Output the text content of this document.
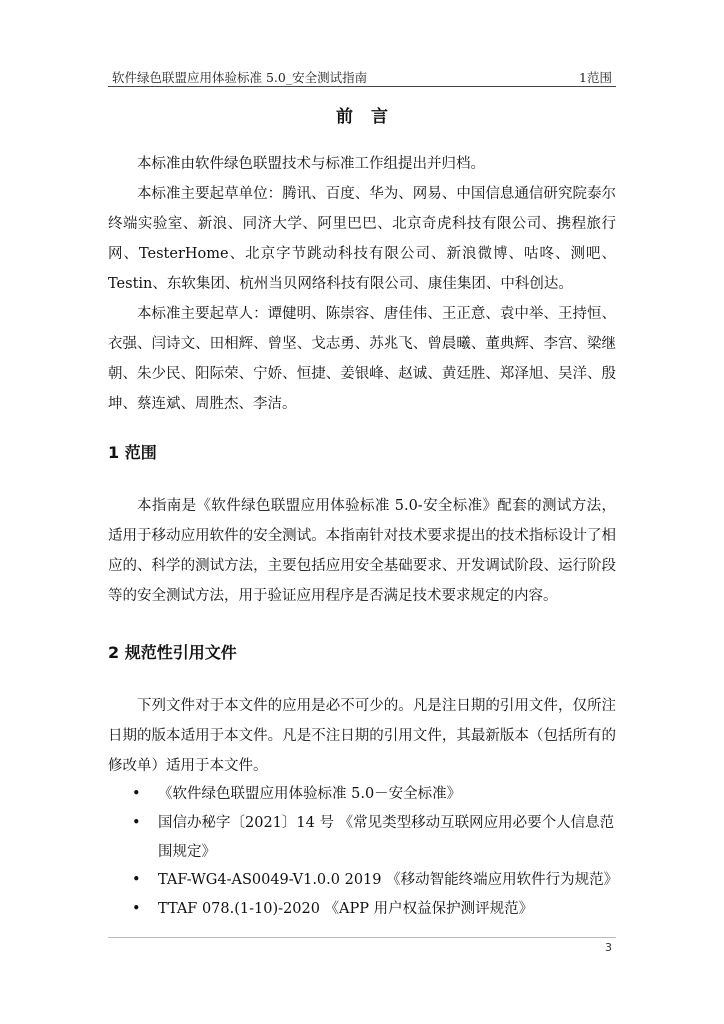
软件绿色联盟应用体验标准 5.0_安全测试指南	1范围
前言

本标准由软件绿色联盟技术与标准工作组提出并归档。

本标准主要起草单位：腾讯、百度、华为、网易、中国信息通信研究院泰尔终端实验室、新浪、同济大学、阿里巴巴、北京奇虎科技有限公司、携程旅行网、TesterHome、北京字节跳动科技有限公司、新浪微博、咕咚、测吧、Testin、东软集团、杭州当贝网络科技有限公司、康佳集团、中科创达。

本标准主要起草人：谭健明、陈崇容、唐佳伟、王正意、袁中举、王持恒、衣强、闫诗文、田相辉、曾坚、戈志勇、苏兆飞、曾晨曦、董典辉、李宫、梁继朝、朱少民、阳际荣、宁娇、恒捷、姜银峰、赵诚、黄廷胜、郑泽旭、吴洋、殷坤、蔡连斌、周胜杰、李洁。

1 范围

本指南是《软件绿色联盟应用体验标准 5.0-安全标准》配套的测试方法，适用于移动应用软件的安全测试。本指南针对技术要求提出的技术指标设计了相应的、科学的测试方法，主要包括应用安全基础要求、开发调试阶段、运行阶段等的安全测试方法，用于验证应用程序是否满足技术要求规定的内容。

2 规范性引用文件

下列文件对于本文件的应用是必不可少的。凡是注日期的引用文件，仅所注日期的版本适用于本文件。凡是不注日期的引用文件，其最新版本（包括所有的修改单）适用于本文件。

• 《软件绿色联盟应用体验标准 5.0－安全标准》
• 国信办秘字〔2021〕14 号 《常见类型移动互联网应用必要个人信息范围规定》
• TAF-WG4-AS0049-V1.0.0 2019 《移动智能终端应用软件行为规范》
• TTAF 078.(1-10)-2020 《APP 用户权益保护测评规范》
3
